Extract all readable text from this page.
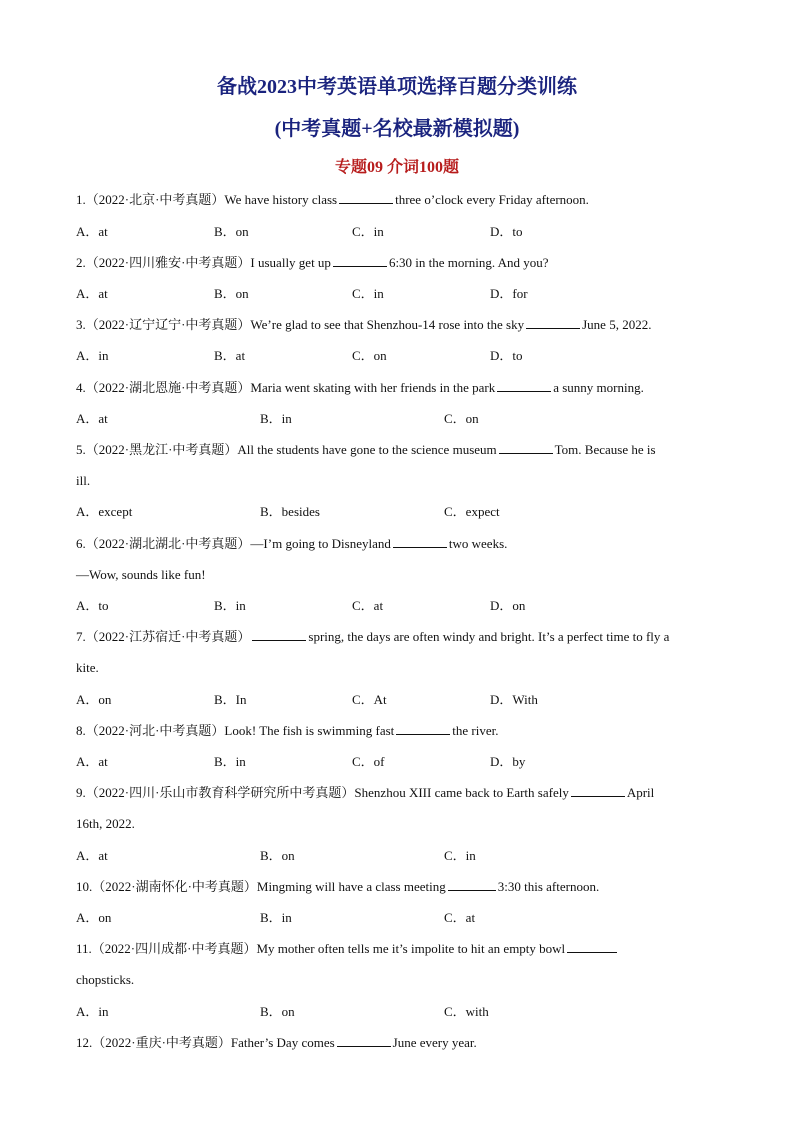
备战2023中考英语单项选择百题分类训练
(中考真题+名校最新模拟题)
专题09 介词100题
1.（2022·北京·中考真题）We have history class	three o’clock every Friday afternoon.
A．at	B．on	C．in	D．to
2.（2022·四川雅安·中考真题）I usually get up	6:30 in the morning. And you?
A．at	B．on	C．in	D．for
3.（2022·辽宁辽宁·中考真题）We’re glad to see that Shenzhou-14 rose into the sky	June 5, 2022.
A．in	B．at	C．on	D．to
4.（2022·湖北恩施·中考真题）Maria went skating with her friends in the park	a sunny morning.
A．at	B．in	C．on
5.（2022·黑龙江·中考真题）All the students have gone to the science museum	Tom. Because he is
ill.
A．except	B．besides	C．expect
6.（2022·湖北湖北·中考真题）—I’m going to Disneyland	two weeks.
—Wow, sounds like fun!
A．to	B．in	C．at	D．on
7.（2022·江苏宿迁·中考真题）	spring, the days are often windy and bright. It’s a perfect time to fly a
kite.
A．on	B．In	C．At	D．With
8.（2022·河北·中考真题）Look! The fish is swimming fast	the river.
A．at	B．in	C．of	D．by
9.（2022·四川·乐山市教育科学研究所中考真题）Shenzhou XIII came back to Earth safely	April
16th, 2022.
A．at	B．on	C．in
10.（2022·湖南怀化·中考真题）Mingming will have a class meeting	3:30 this afternoon.
A．on	B．in	C．at
11.（2022·四川成都·中考真题）My mother often tells me it’s impolite to hit an empty bowl
chopsticks.
A．in	B．on	C．with
12.（2022·重庆·中考真题）Father’s Day comes	June every year.
